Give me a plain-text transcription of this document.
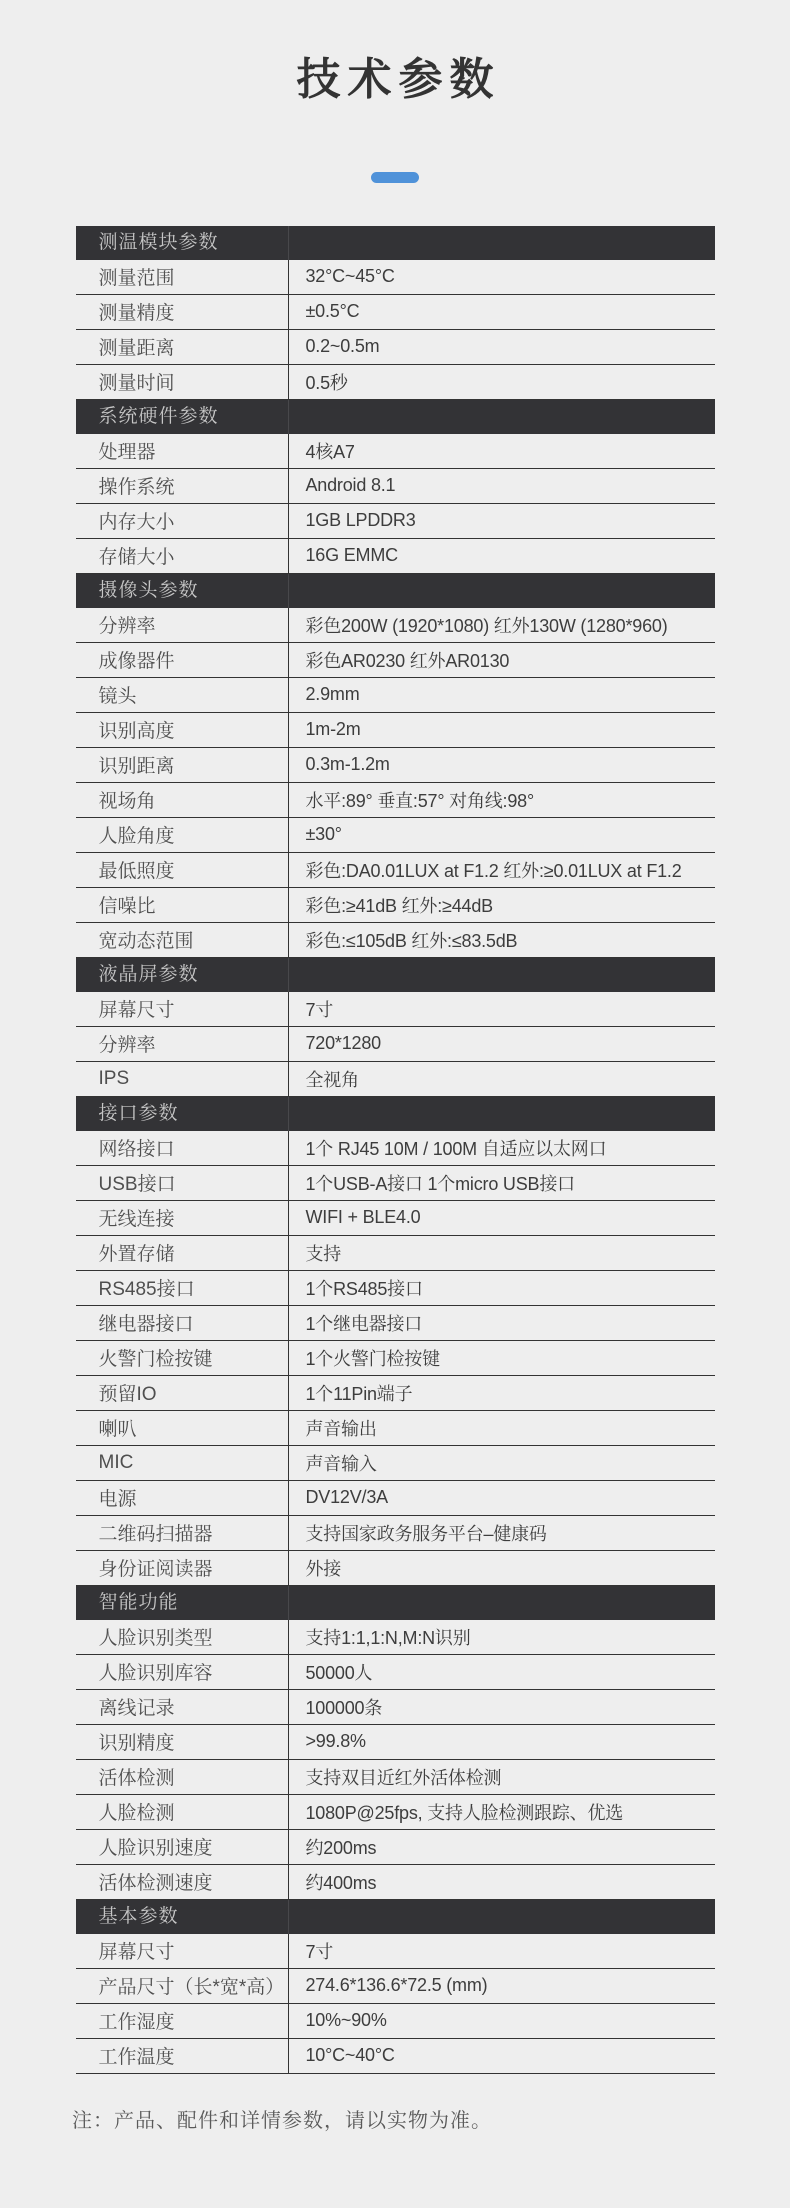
技术参数
测温模块参数
测量范围	32°C~45°C
测量精度	±0.5°C
测量距离	0.2~0.5m
测量时间	0.5秒
系统硬件参数
处理器	4核A7
操作系统	Android 8.1
内存大小	1GB LPDDR3
存储大小	16G EMMC
摄像头参数
分辨率	彩色200W (1920*1080) 红外130W (1280*960)
成像器件	彩色AR0230 红外AR0130
镜头	2.9mm
识别高度	1m-2m
识别距离	0.3m-1.2m
视场角	水平:89° 垂直:57° 对角线:98°
人脸角度	±30°
最低照度	彩色:DA0.01LUX at F1.2 红外:≥0.01LUX at F1.2
信噪比	彩色:≥41dB 红外:≥44dB
宽动态范围	彩色:≤105dB 红外:≤83.5dB
液晶屏参数
屏幕尺寸	7寸
分辨率	720*1280
IPS	全视角
接口参数
网络接口	1个 RJ45 10M / 100M 自适应以太网口
USB接口	1个USB-A接口 1个micro USB接口
无线连接	WIFI + BLE4.0
外置存储	支持
RS485接口	1个RS485接口
继电器接口	1个继电器接口
火警门检按键	1个火警门检按键
预留IO	1个11Pin端子
喇叭	声音输出
MIC	声音输入
电源	DV12V/3A
二维码扫描器	支持国家政务服务平台–健康码
身份证阅读器	外接
智能功能
人脸识别类型	支持1:1,1:N,M:N识别
人脸识别库容	50000人
离线记录	100000条
识别精度	>99.8%
活体检测	支持双目近红外活体检测
人脸检测	1080P@25fps, 支持人脸检测跟踪、优选
人脸识别速度	约200ms
活体检测速度	约400ms
基本参数
屏幕尺寸	7寸
产品尺寸（长*宽*高）	274.6*136.6*72.5 (mm)
工作湿度	10%~90%
工作温度	10°C~40°C

注：产品、配件和详情参数，请以实物为准。
